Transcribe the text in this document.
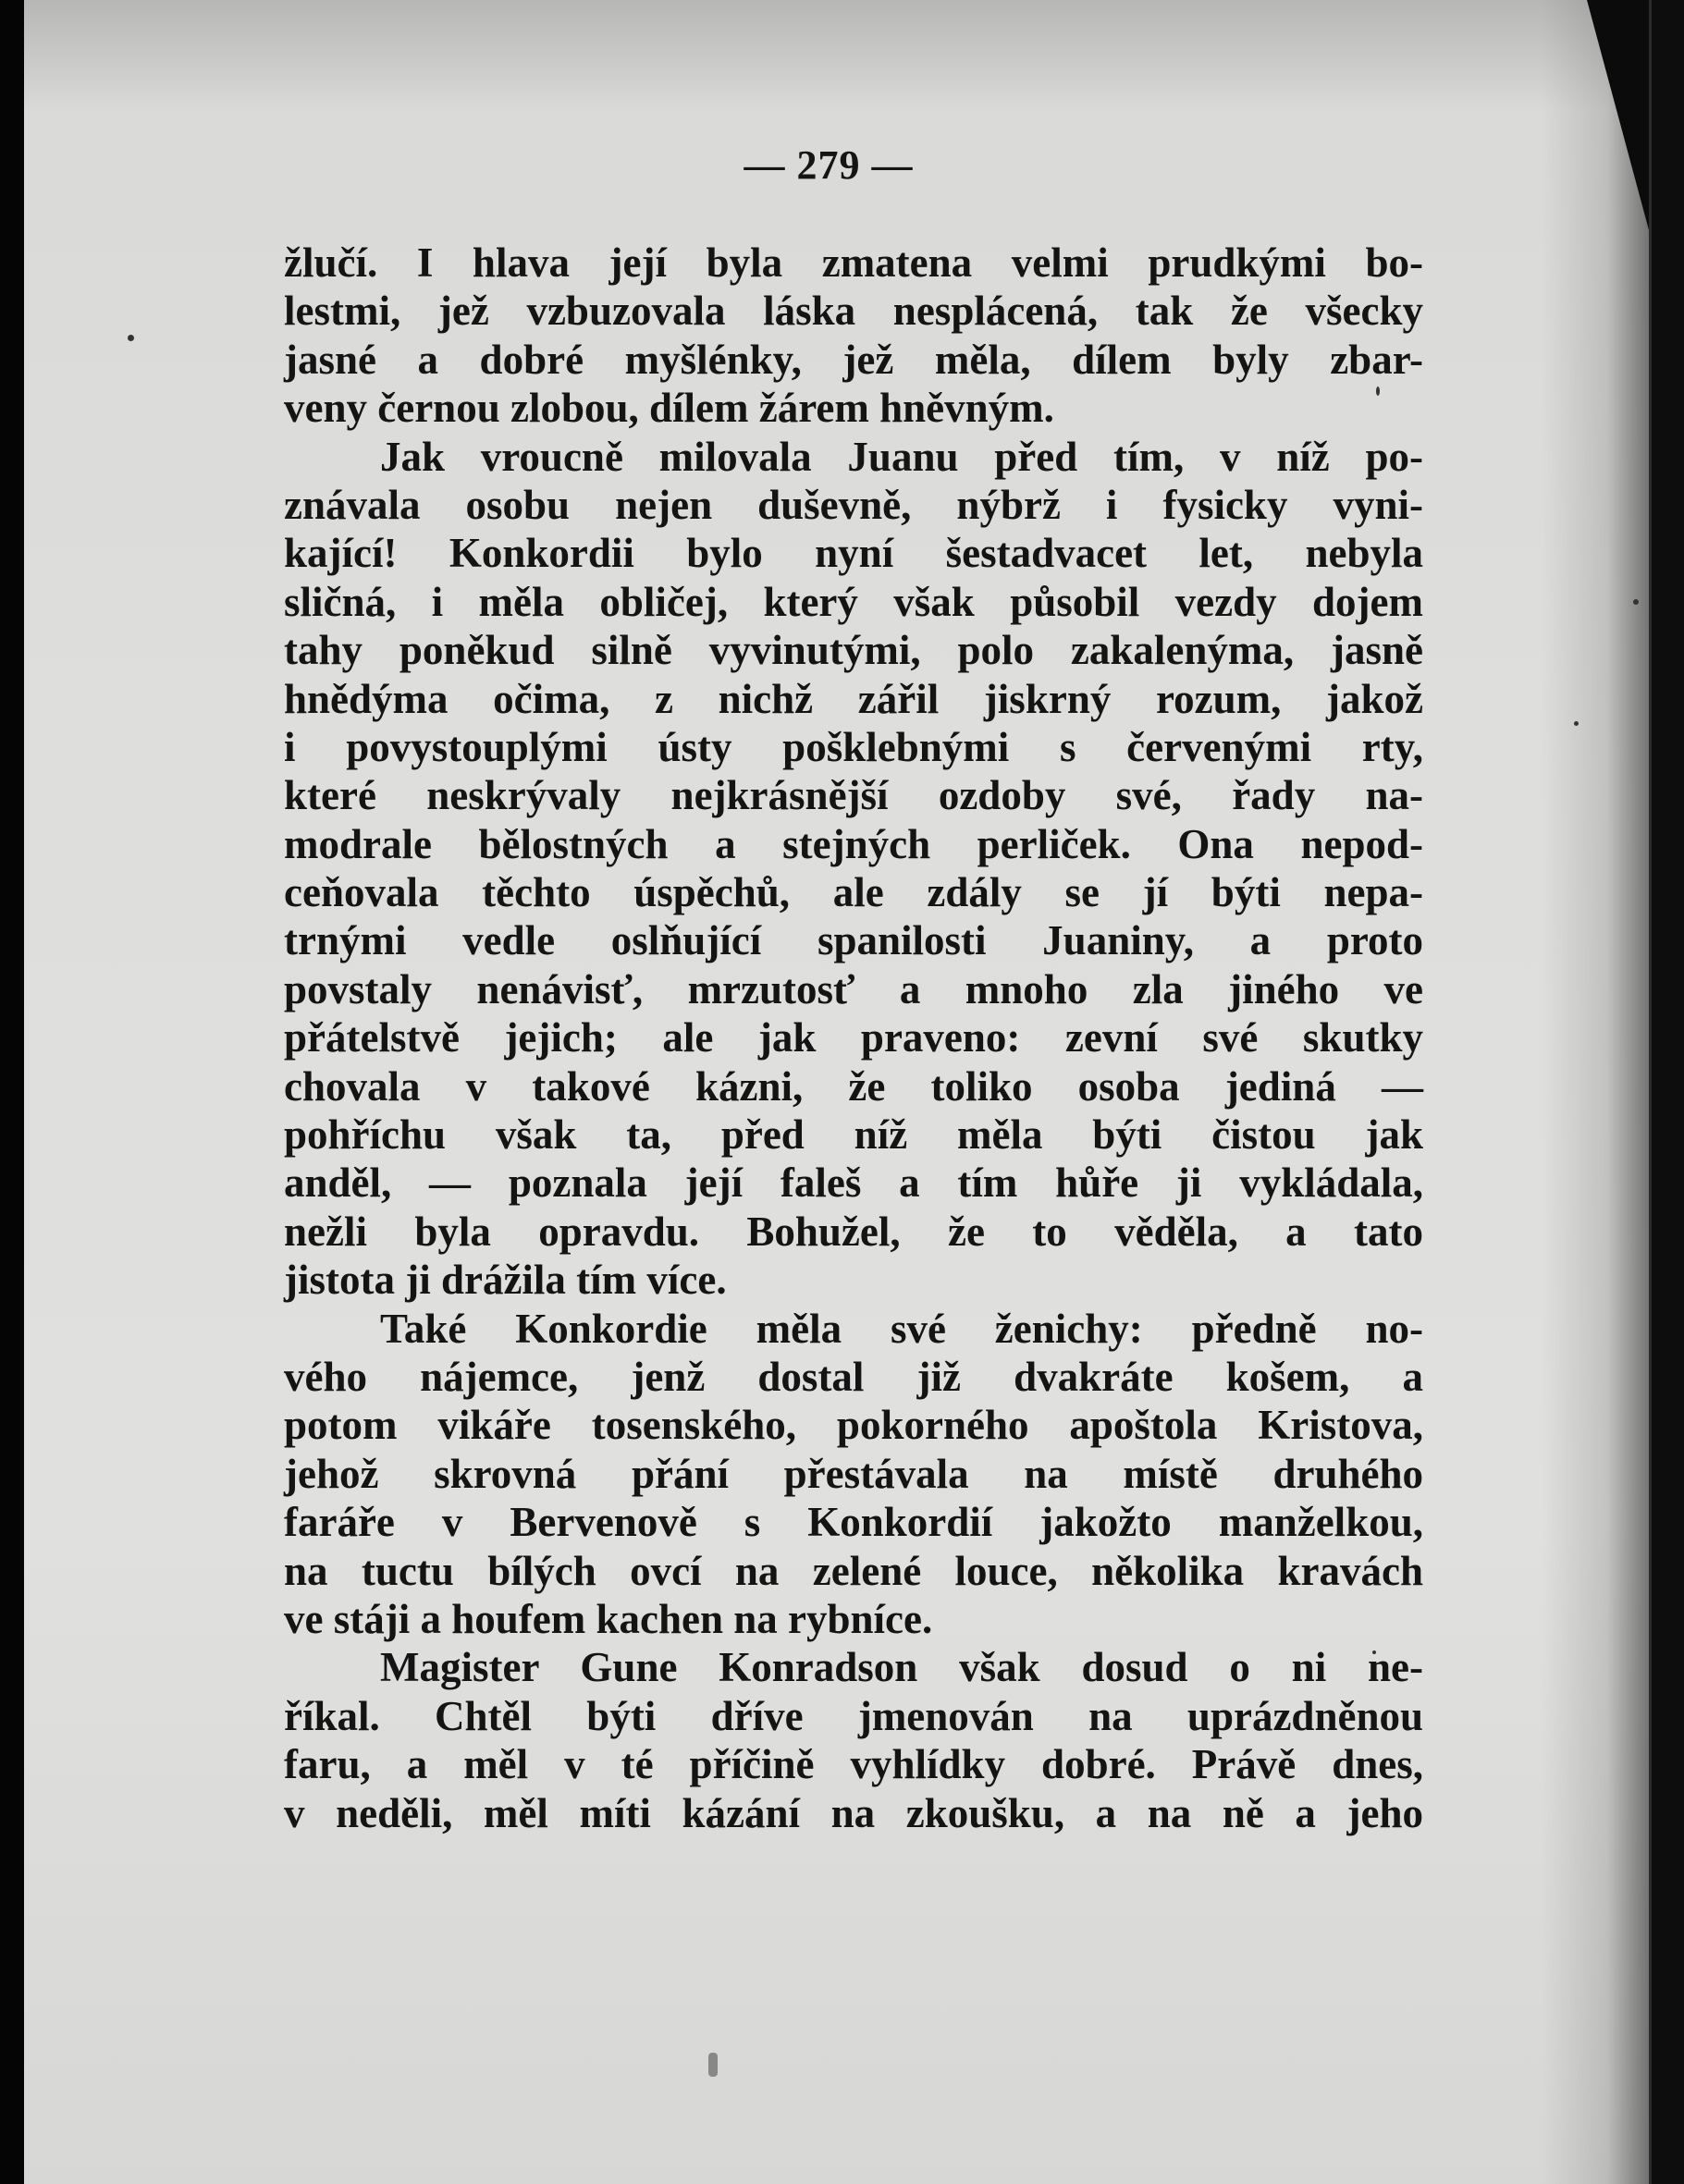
— 279 —
žlučí. I hlava její byla zmatena velmi prudkými bo-
lestmi, jež vzbuzovala láska nesplácená, tak že všecky
jasné a dobré myšlénky, jež měla, dílem byly zbar-
veny černou zlobou, dílem žárem hněvným.
Jak vroucně milovala Juanu před tím, v níž po-
znávala osobu nejen duševně, nýbrž i fysicky vyni-
kající! Konkordii bylo nyní šestadvacet let, nebyla
sličná, i měla obličej, který však působil vezdy dojem
tahy poněkud silně vyvinutými, polo zakalenýma, jasně
hnědýma očima, z nichž zářil jiskrný rozum, jakož
i povystouplými ústy pošklebnými s červenými rty,
které neskrývaly nejkrásnější ozdoby své, řady na-
modrale bělostných a stejných perliček. Ona nepod-
ceňovala těchto úspěchů, ale zdály se jí býti nepa-
trnými vedle oslňující spanilosti Juaniny, a proto
povstaly nenávisť, mrzutosť a mnoho zla jiného ve
přátelstvě jejich; ale jak praveno: zevní své skutky
chovala v takové kázni, že toliko osoba jediná —
pohříchu však ta, před níž měla býti čistou jak
anděl, — poznala její faleš a tím hůře ji vykládala,
nežli byla opravdu. Bohužel, že to věděla, a tato
jistota ji drážila tím více.
Také Konkordie měla své ženichy: předně no-
vého nájemce, jenž dostal již dvakráte košem, a
potom vikáře tosenského, pokorného apoštola Kristova,
jehož skrovná přání přestávala na místě druhého
faráře v Bervenově s Konkordií jakožto manželkou,
na tuctu bílých ovcí na zelené louce, několika kravách
ve stáji a houfem kachen na rybníce.
Magister Gune Konradson však dosud o ni ne-
říkal. Chtěl býti dříve jmenován na uprázdněnou
faru, a měl v té příčině vyhlídky dobré. Právě dnes,
v neděli, měl míti kázání na zkoušku, a na ně a jeho
